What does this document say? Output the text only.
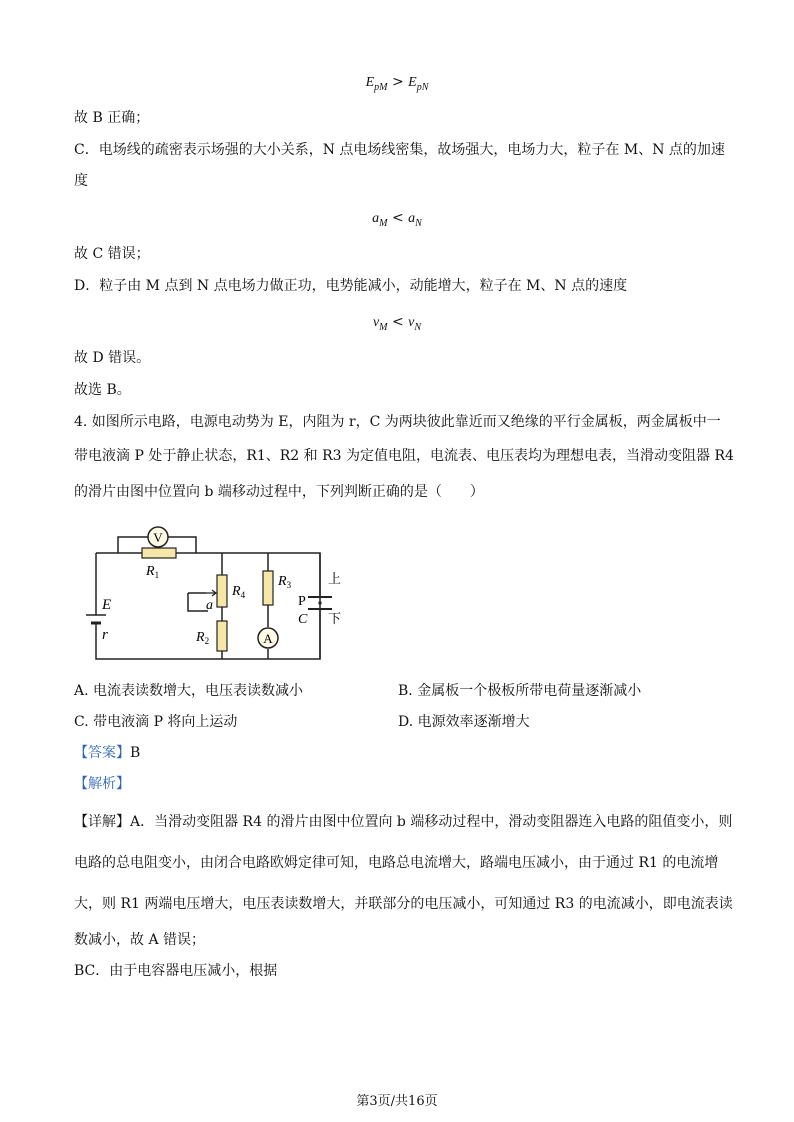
$E_{pM} > E_{pN}$
故 B 正确；
C．电场线的疏密表示场强的大小关系，N 点电场线密集，故场强大，电场力大，粒子在 M、N 点的加速
度
$a_M < a_N$
故 C 错误；
D．粒子由 M 点到 N 点电场力做正功，电势能减小，动能增大，粒子在 M、N 点的速度
$v_M < v_N$
故 D 错误。
故选 B。
4. 如图所示电路，电源电动势为 E，内阻为 r，C 为两块彼此靠近而又绝缘的平行金属板，两金属板中一
带电液滴 P 处于静止状态，R1、R2 和 R3 为定值电阻，电流表、电压表均为理想电表，当滑动变阻器 R4
的滑片由图中位置向 b 端移动过程中，下列判断正确的是（　　）
V
$R_1$
$R_4$
a
$R_2$
$R_3$
A
P
C
上
下
E
r
A. 电流表读数增大，电压表读数减小	B. 金属板一个极板所带电荷量逐渐减小
C. 带电液滴 P 将向上运动	D. 电源效率逐渐增大
【答案】B
【解析】
【详解】A．当滑动变阻器 R4 的滑片由图中位置向 b 端移动过程中，滑动变阻器连入电路的阻值变小，则
电路的总电阻变小，由闭合电路欧姆定律可知，电路总电流增大，路端电压减小，由于通过 R1 的电流增
大，则 R1 两端电压增大，电压表读数增大，并联部分的电压减小，可知通过 R3 的电流减小，即电流表读
数减小，故 A 错误；
BC．由于电容器电压减小，根据
第3页/共16页
